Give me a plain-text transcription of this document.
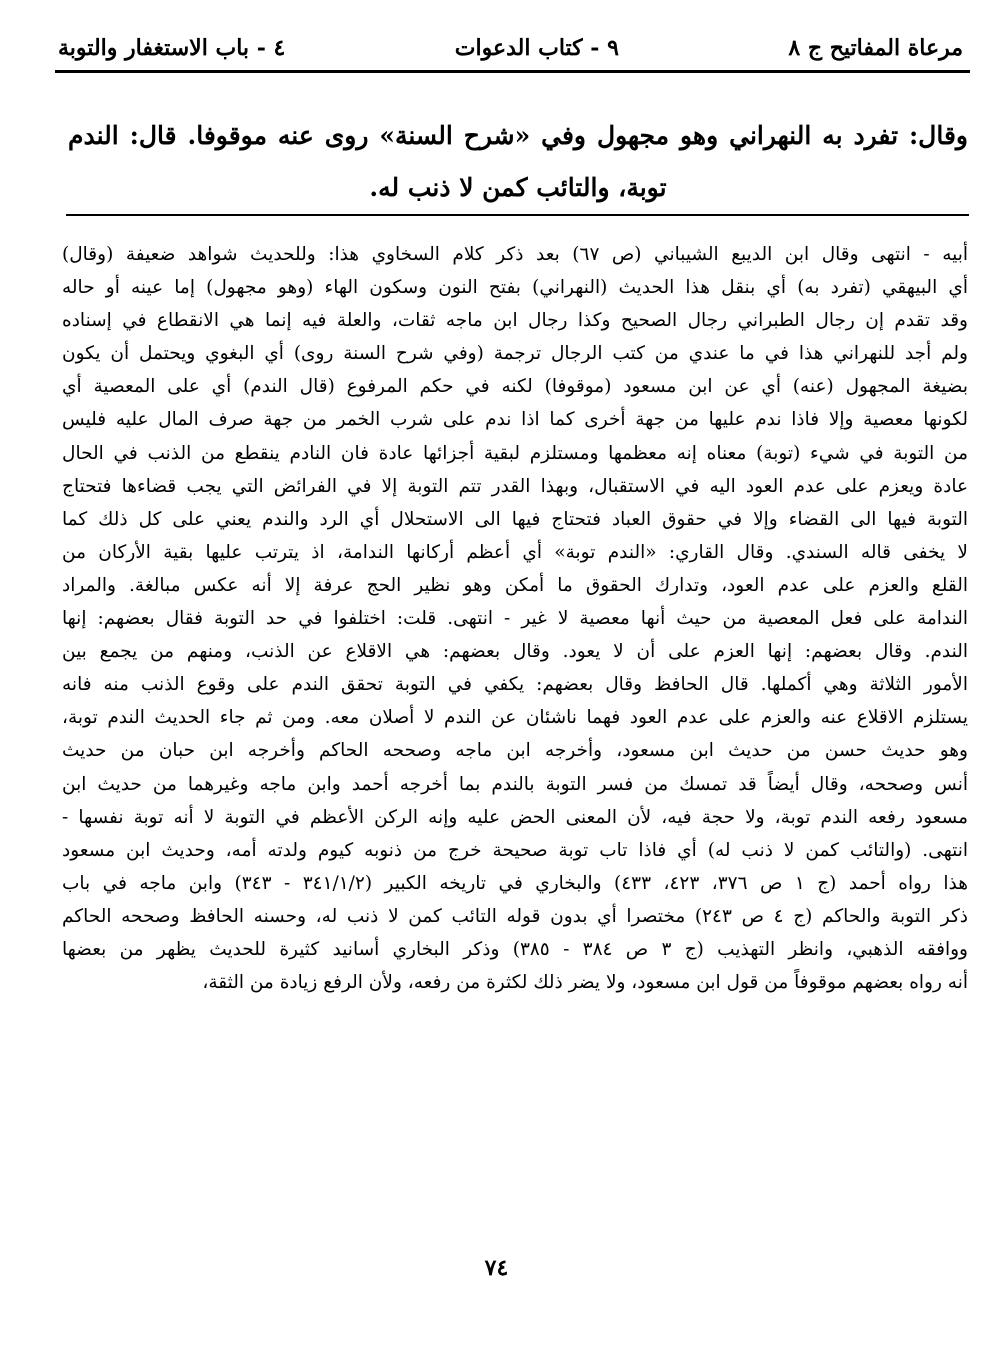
مرعاة المفاتيح ج ٨
٩ - كتاب الدعوات
٤ - باب الاستغفار والتوبة
وقال: تفرد به النهراني وهو مجهول وفي «شرح السنة» روى عنه موقوفا. قال: الندم توبة، والتائب كمن لا ذنب له.
أبيه - انتهى وقال ابن الديبع الشيباني (ص ٦٧) بعد ذكر كلام السخاوي هذا: وللحديث شواهد ضعيفة (وقال)
أي البيهقي (تفرد به) أي بنقل هذا الحديث (النهراني) بفتح النون وسكون الهاء (وهو مجهول) إما عينه أو حاله
وقد تقدم إن رجال الطبراني رجال الصحيح وكذا رجال ابن ماجه ثقات، والعلة فيه إنما هي الانقطاع في إسناده
ولم أجد للنهراني هذا في ما عندي من كتب الرجال ترجمة (وفي شرح السنة روى) أي البغوي ويحتمل أن يكون
بضيغة المجهول (عنه) أي عن ابن مسعود (موقوفا) لكنه في حكم المرفوع (قال الندم) أي على المعصية أي
لكونها معصية وإلا فاذا ندم عليها من جهة أخرى كما اذا ندم على شرب الخمر من جهة صرف المال عليه فليس
من التوبة في شيء (توبة) معناه إنه معظمها ومستلزم لبقية أجزائها عادة فان النادم ينقطع من الذنب في الحال
عادة ويعزم على عدم العود اليه في الاستقبال، وبهذا القدر تتم التوبة إلا في الفرائض التي يجب قضاءها فتحتاج
التوبة فيها الى القضاء وإلا في حقوق العباد فتحتاج فيها الى الاستحلال أي الرد والندم يعني على كل ذلك كما
لا يخفى قاله السندي. وقال القاري: «الندم توبة» أي أعظم أركانها الندامة، اذ يترتب عليها بقية الأركان من
القلع والعزم على عدم العود، وتدارك الحقوق ما أمكن وهو نظير الحج عرفة إلا أنه عكس مبالغة. والمراد
الندامة على فعل المعصية من حيث أنها معصية لا غير - انتهى. قلت: اختلفوا في حد التوبة فقال بعضهم: إنها
الندم. وقال بعضهم: إنها العزم على أن لا يعود. وقال بعضهم: هي الاقلاع عن الذنب، ومنهم من يجمع بين
الأمور الثلاثة وهي أكملها. قال الحافظ وقال بعضهم: يكفي في التوبة تحقق الندم على وقوع الذنب منه فانه
يستلزم الاقلاع عنه والعزم على عدم العود فهما ناشئان عن الندم لا أصلان معه. ومن ثم جاء الحديث الندم توبة،
وهو حديث حسن من حديث ابن مسعود، وأخرجه ابن ماجه وصححه الحاكم وأخرجه ابن حبان من حديث
أنس وصححه، وقال أيضاً قد تمسك من فسر التوبة بالندم بما أخرجه أحمد وابن ماجه وغيرهما من حديث ابن
مسعود رفعه الندم توبة، ولا حجة فيه، لأن المعنى الحض عليه وإنه الركن الأعظم في التوبة لا أنه توبة نفسها -
انتهى. (والتائب كمن لا ذنب له) أي فاذا تاب توبة صحيحة خرج من ذنوبه كيوم ولدته أمه، وحديث ابن مسعود
هذا رواه أحمد (ج ١ ص ٣٧٦، ٤٢٣، ٤٣٣) والبخاري في تاريخه الكبير (٣٤١/١/٢ - ٣٤٣) وابن ماجه في باب
ذكر التوبة والحاكم (ج ٤ ص ٢٤٣) مختصرا أي بدون قوله التائب كمن لا ذنب له، وحسنه الحافظ وصححه الحاكم
ووافقه الذهبي، وانظر التهذيب (ج ٣ ص ٣٨٤ - ٣٨٥) وذكر البخاري أسانيد كثيرة للحديث يظهر من بعضها
أنه رواه بعضهم موقوفاً من قول ابن مسعود، ولا يضر ذلك لكثرة من رفعه، ولأن الرفع زيادة من الثقة،
٧٤
